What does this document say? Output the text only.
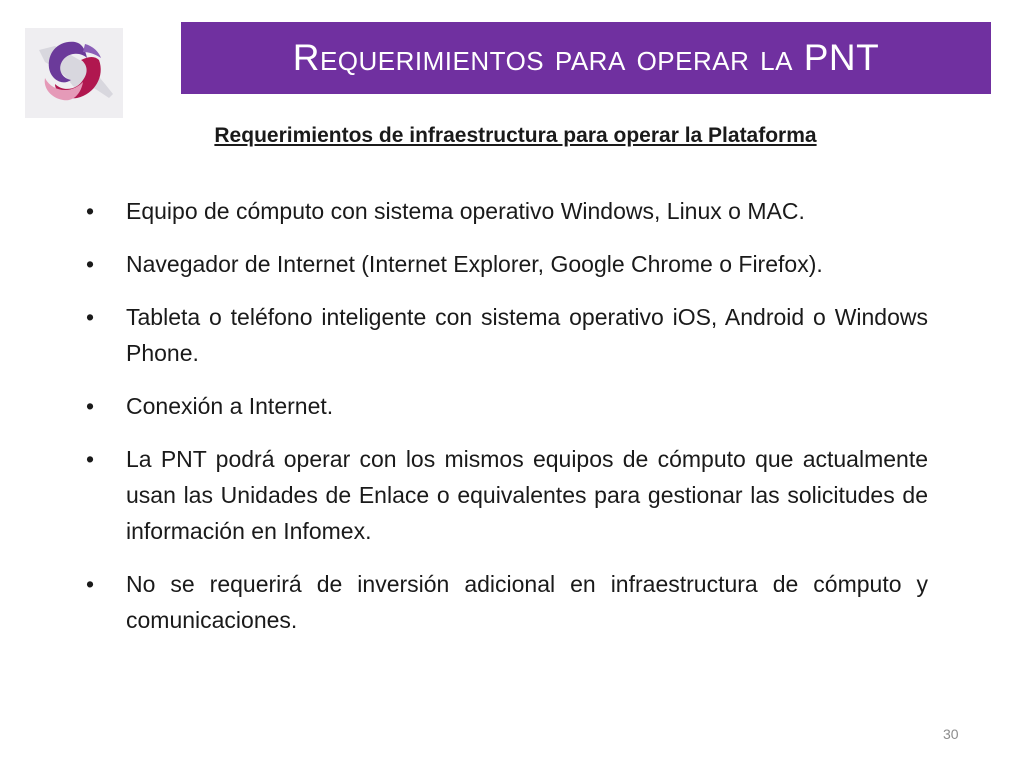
Requerimientos para operar la PNT
Requerimientos de infraestructura para operar la Plataforma
•	Equipo de cómputo con sistema operativo Windows, Linux o MAC.
•	Navegador de Internet (Internet Explorer, Google Chrome o Firefox).
•	Tableta o teléfono inteligente con sistema operativo iOS, Android o Windows Phone.
•	Conexión a Internet.
•	La PNT podrá operar con los mismos equipos de cómputo que actualmente usan las Unidades de Enlace o equivalentes para gestionar las solicitudes de información en Infomex.
•	No se requerirá de inversión adicional en infraestructura de cómputo y comunicaciones.
30
